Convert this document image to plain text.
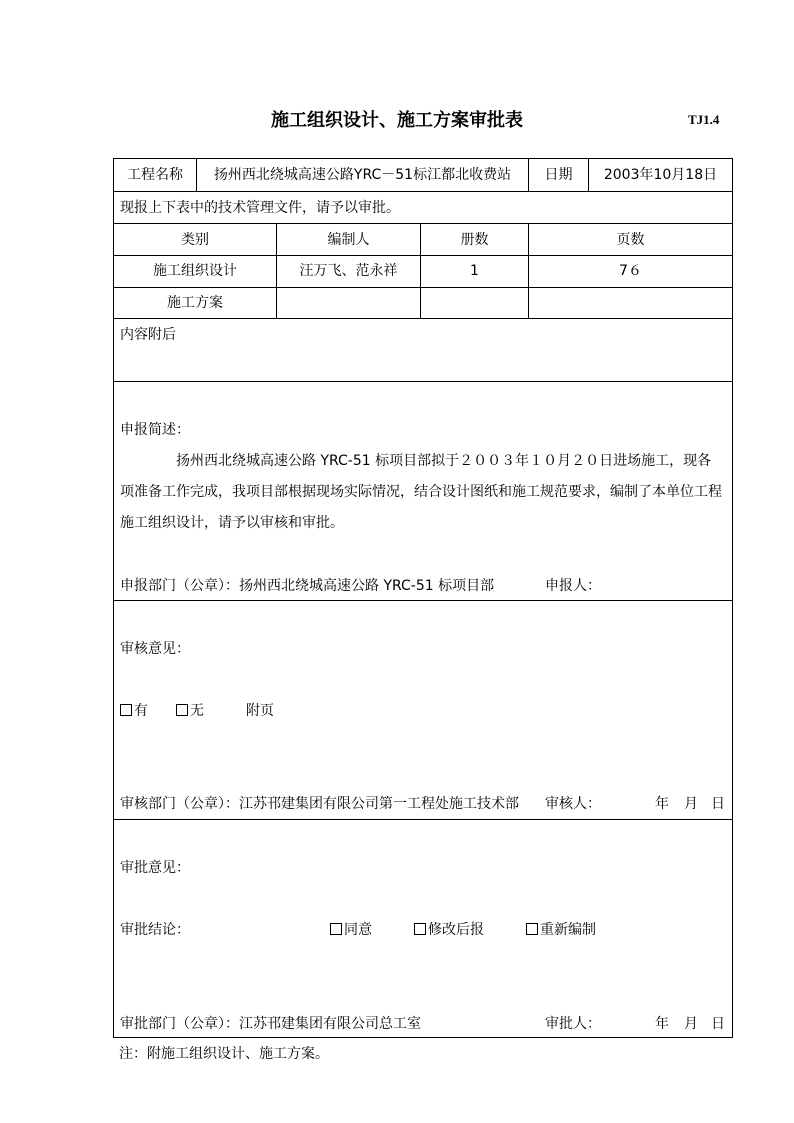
施工组织设计、施工方案审批表	TJ1.4
工程名称	扬州西北绕城高速公路YRC－51标江都北收费站	日期	2003年10月18日
现报上下表中的技术管理文件，请予以审批。
类别	编制人	册数	页数
施工组织设计	汪万飞、范永祥	1	7６
施工方案
内容附后
申报简述：
扬州西北绕城高速公路 YRC-51 标项目部拟于２００３年１０月２０日进场施工，现各项准备工作完成，我项目部根据现场实际情况，结合设计图纸和施工规范要求，编制了本单位工程施工组织设计，请予以审核和审批。
申报部门（公章）：扬州西北绕城高速公路 YRC-51 标项目部	申报人：
审核意见：
有	无	附页
审核部门（公章）：江苏邗建集团有限公司第一工程处施工技术部 审核人：	年 月 日
审批意见：
审批结论：	同意	修改后报	重新编制
审批部门（公章）：江苏邗建集团有限公司总工室	审批人：	年 月 日
注：附施工组织设计、施工方案。
